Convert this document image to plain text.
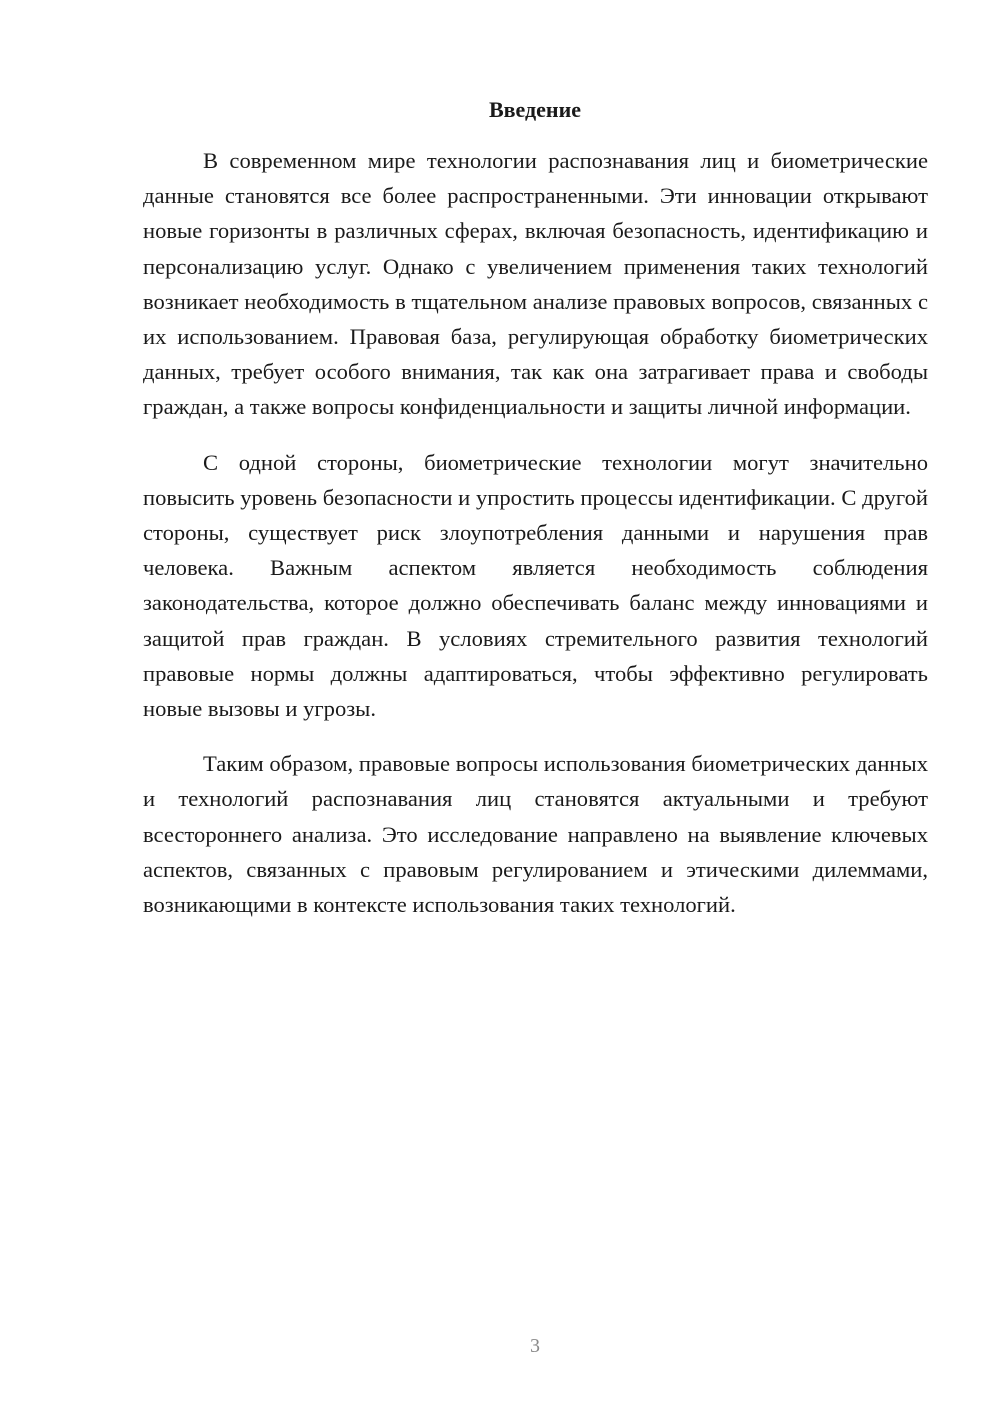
Введение

В современном мире технологии распознавания лиц и биометрические данные становятся все более распространенными. Эти инновации открывают новые горизонты в различных сферах, включая безопасность, идентификацию и персонализацию услуг. Однако с увеличением применения таких технологий возникает необходимость в тщательном анализе правовых вопросов, связанных с их использованием. Правовая база, регулирующая обработку биометрических данных, требует особого внимания, так как она затрагивает права и свободы граждан, а также вопросы конфиденциальности и защиты личной информации.

С одной стороны, биометрические технологии могут значительно повысить уровень безопасности и упростить процессы идентификации. С другой стороны, существует риск злоупотребления данными и нарушения прав человека. Важным аспектом является необходимость соблюдения законодательства, которое должно обеспечивать баланс между инновациями и защитой прав граждан. В условиях стремительного развития технологий правовые нормы должны адаптироваться, чтобы эффективно регулировать новые вызовы и угрозы.

Таким образом, правовые вопросы использования биометрических данных и технологий распознавания лиц становятся актуальными и требуют всестороннего анализа. Это исследование направлено на выявление ключевых аспектов, связанных с правовым регулированием и этическими дилеммами, возникающими в контексте использования таких технологий.

3
